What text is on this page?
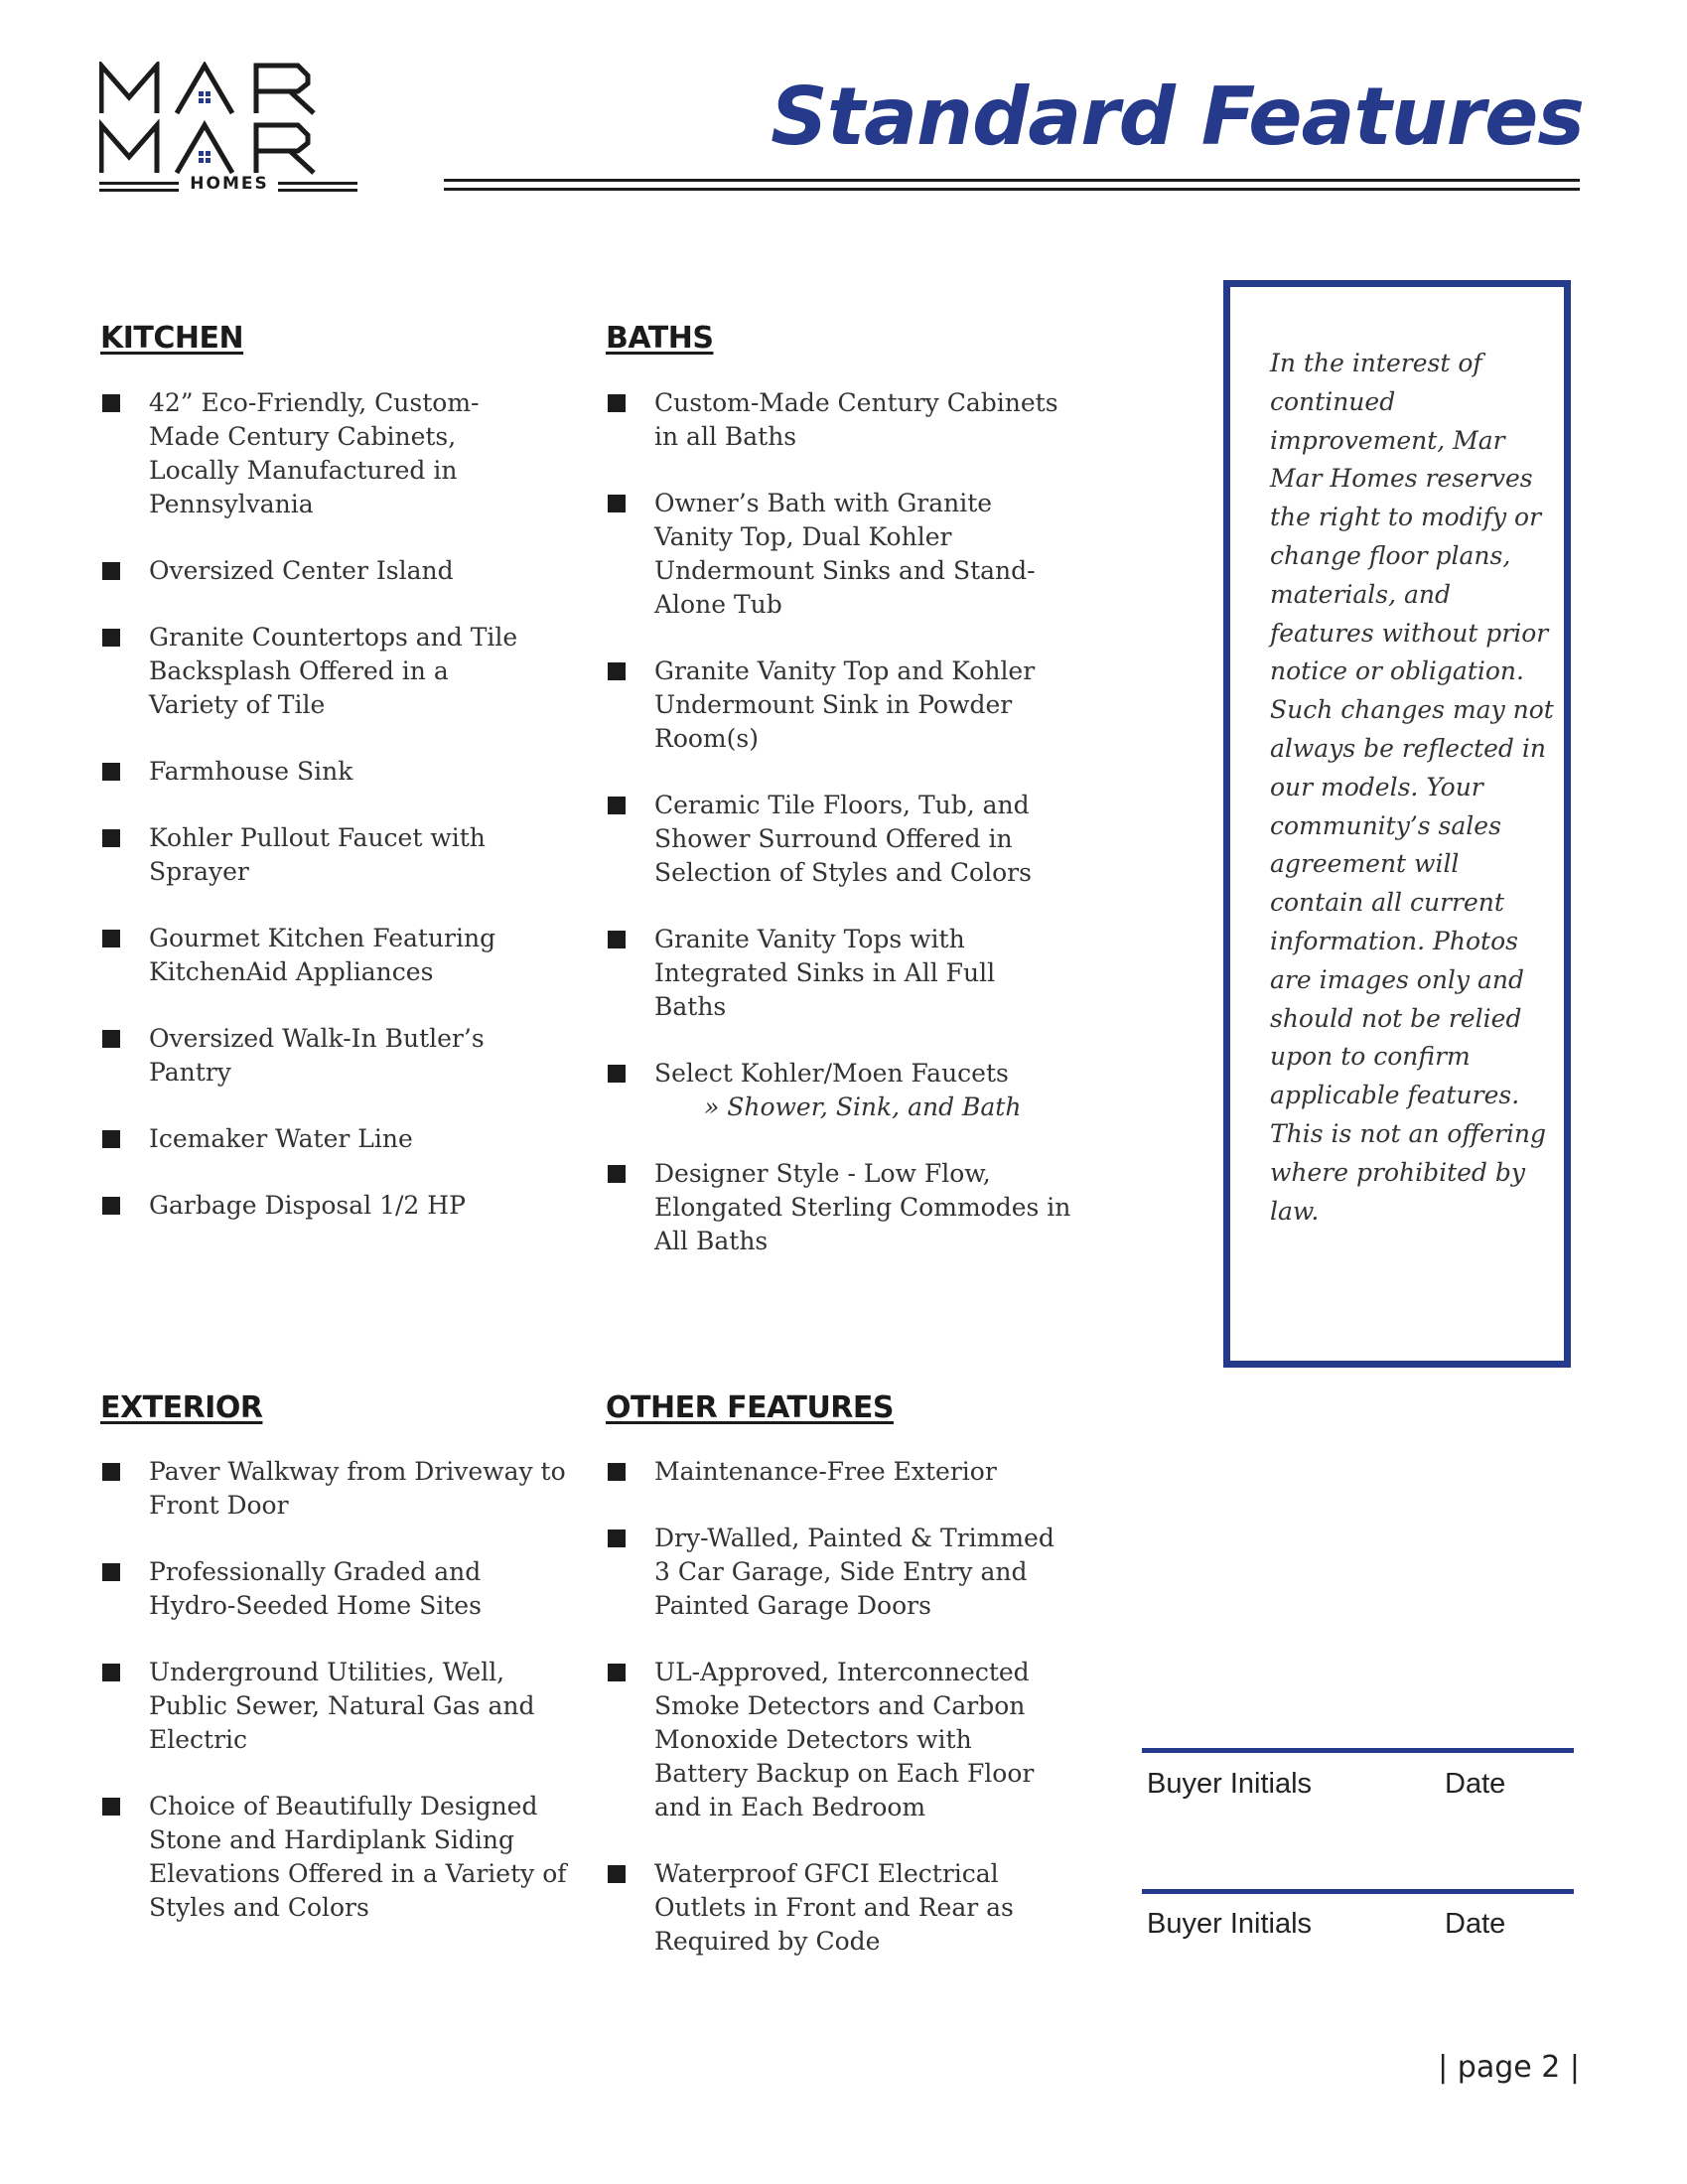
HOMES
Standard Features
KITCHEN
42” Eco-Friendly, Custom-Made Century Cabinets, Locally Manufactured in Pennsylvania
Oversized Center Island
Granite Countertops and Tile Backsplash Offered in a Variety of Tile
Farmhouse Sink
Kohler Pullout Faucet with Sprayer
Gourmet Kitchen Featuring KitchenAid Appliances
Oversized Walk-In Butler’s Pantry
Icemaker Water Line
Garbage Disposal 1/2 HP
BATHS
Custom-Made Century Cabinets in all Baths
Owner’s Bath with Granite Vanity Top, Dual Kohler Undermount Sinks and Stand-Alone Tub
Granite Vanity Top and Kohler Undermount Sink in Powder Room(s)
Ceramic Tile Floors, Tub, and Shower Surround Offered in Selection of Styles and Colors
Granite Vanity Tops with Integrated Sinks in All Full Baths
Select Kohler/Moen Faucets
» Shower, Sink, and Bath
Designer Style - Low Flow, Elongated Sterling Commodes in All Baths

In the interest of continued improvement, Mar Mar Homes reserves the right to modify or change floor plans, materials, and features without prior notice or obligation. Such changes may not always be reflected in our models. Your community’s sales agreement will contain all current information. Photos are images only and should not be relied upon to confirm applicable features. This is not an offering where prohibited by law.

EXTERIOR
Paver Walkway from Driveway to Front Door
Professionally Graded and Hydro-Seeded Home Sites
Underground Utilities, Well, Public Sewer, Natural Gas and Electric
Choice of Beautifully Designed Stone and Hardiplank Siding Elevations Offered in a Variety of Styles and Colors
OTHER FEATURES
Maintenance-Free Exterior
Dry-Walled, Painted & Trimmed 3 Car Garage, Side Entry and Painted Garage Doors
UL-Approved, Interconnected Smoke Detectors and Carbon Monoxide Detectors with Battery Backup on Each Floor and in Each Bedroom
Waterproof GFCI Electrical Outlets in Front and Rear as Required by Code
Buyer Initials	Date
Buyer Initials	Date
| page 2 |
